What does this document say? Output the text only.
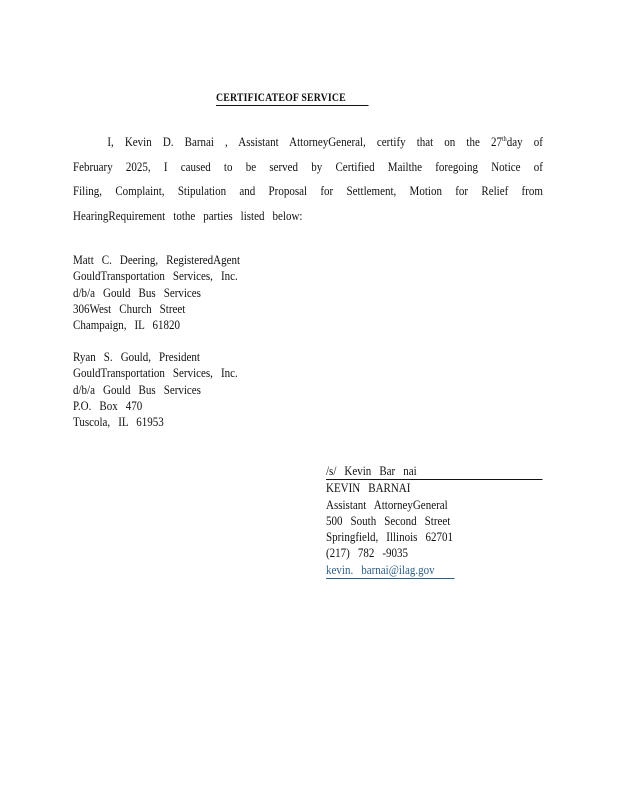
CERTIFICATEOF SERVICE
I, Kevin D. Barnai , Assistant AttorneyGeneral, certify that on the 27thday of
February 2025, I caused to be served by Certified Mailthe foregoing Notice of
Filing, Complaint, Stipulation and Proposal for Settlement, Motion for Relief from
HearingRequirement tothe parties listed below:
Matt C. Deering, RegisteredAgent
GouldTransportation Services, Inc.
d/b/a Gould Bus Services
306West Church Street
Champaign, IL 61820
Ryan S. Gould, President
GouldTransportation Services, Inc.
d/b/a Gould Bus Services
P.O. Box 470
Tuscola, IL 61953
/s/ Kevin Bar nai
KEVIN BARNAI
Assistant AttorneyGeneral
500 South Second Street
Springfield, Illinois 62701
(217) 782 -9035
kevin. barnai@ilag.gov
